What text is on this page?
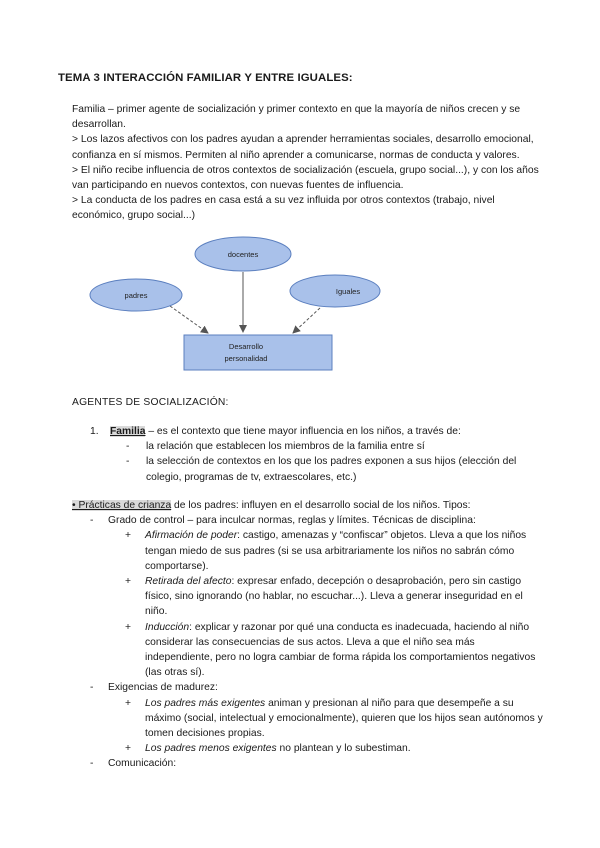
TEMA 3 INTERACCIÓN FAMILIAR Y ENTRE IGUALES:

Familia – primer agente de socialización y primer contexto en que la mayoría de niños crecen y se desarrollan.

> Los lazos afectivos con los padres ayudan a aprender herramientas sociales, desarrollo emocional, confianza en sí mismos. Permiten al niño aprender a comunicarse, normas de conducta y valores.

> El niño recibe influencia de otros contextos de socialización (escuela, grupo social...), y con los años van participando en nuevos contextos, con nuevas fuentes de influencia.

> La conducta de los padres en casa está a su vez influida por otros contextos (trabajo, nivel económico, grupo social...)

docentes
padres	Iguales
Desarrollo
personalidad
AGENTES DE SOCIALIZACIÓN:
1. Familia – es el contexto que tiene mayor influencia en los niños, a través de:
- la relación que establecen los miembros de la familia entre sí
- la selección de contextos en los que los padres exponen a sus hijos (elección del colegio, programas de tv, extraescolares, etc.)
• Prácticas de crianza de los padres: influyen en el desarrollo social de los niños. Tipos:
- Grado de control – para inculcar normas, reglas y límites. Técnicas de disciplina:
+ Afirmación de poder: castigo, amenazas y “confiscar” objetos. Lleva a que los niños tengan miedo de sus padres (si se usa arbitrariamente los niños no sabrán cómo comportarse).
+ Retirada del afecto: expresar enfado, decepción o desaprobación, pero sin castigo físico, sino ignorando (no hablar, no escuchar...). Lleva a generar inseguridad en el niño.
+ Inducción: explicar y razonar por qué una conducta es inadecuada, haciendo al niño considerar las consecuencias de sus actos. Lleva a que el niño sea más independiente, pero no logra cambiar de forma rápida los comportamientos negativos (las otras sí).
- Exigencias de madurez:
+ Los padres más exigentes animan y presionan al niño para que desempeñe a su máximo (social, intelectual y emocionalmente), quieren que los hijos sean autónomos y tomen decisiones propias.
+ Los padres menos exigentes no plantean y lo subestiman.
- Comunicación:
